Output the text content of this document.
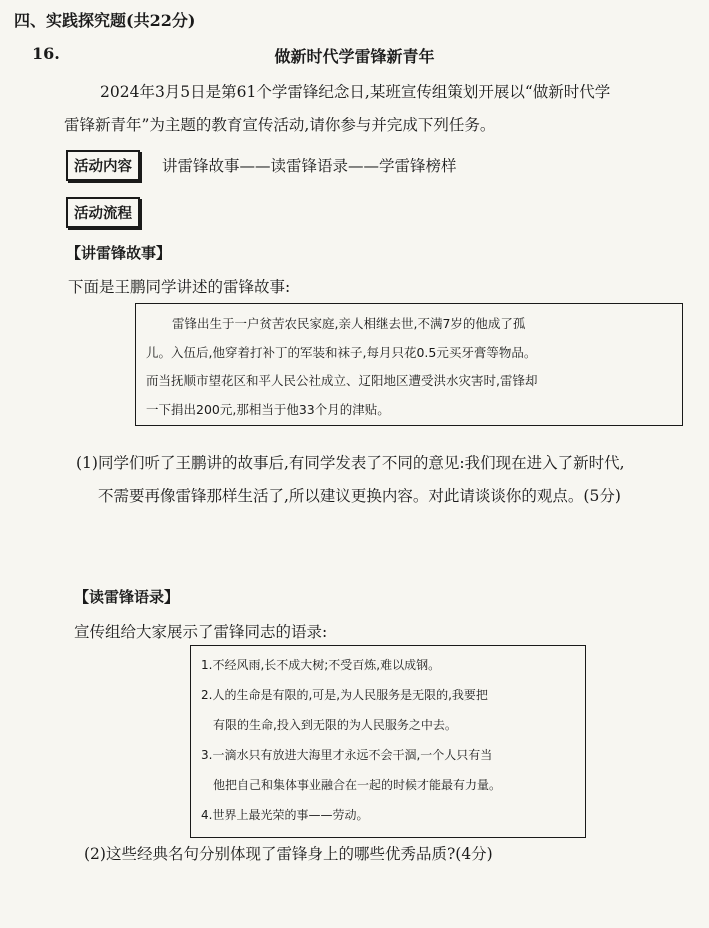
四、实践探究题(共22分)
16.	做新时代学雷锋新青年

2024年3月5日是第61个学雷锋纪念日,某班宣传组策划开展以“做新时代学

雷锋新青年”为主题的教育宣传活动,请你参与并完成下列任务。

活动内容	讲雷锋故事——读雷锋语录——学雷锋榜样
活动流程
【讲雷锋故事】
下面是王鹏同学讲述的雷锋故事:

雷锋出生于一户贫苦农民家庭,亲人相继去世,不满7岁的他成了孤

儿。入伍后,他穿着打补丁的军装和袜子,每月只花0.5元买牙膏等物品。

而当抚顺市望花区和平人民公社成立、辽阳地区遭受洪水灾害时,雷锋却

一下捐出200元,那相当于他33个月的津贴。

(1)同学们听了王鹏讲的故事后,有同学发表了不同的意见:我们现在进入了新时代,

不需要再像雷锋那样生活了,所以建议更换内容。对此请谈谈你的观点。(5分)

【读雷锋语录】
宣传组给大家展示了雷锋同志的语录:

1.不经风雨,长不成大树;不受百炼,难以成钢。

2.人的生命是有限的,可是,为人民服务是无限的,我要把

有限的生命,投入到无限的为人民服务之中去。

3.一滴水只有放进大海里才永远不会干涸,一个人只有当

他把自己和集体事业融合在一起的时候才能最有力量。

4.世界上最光荣的事——劳动。

(2)这些经典名句分别体现了雷锋身上的哪些优秀品质?(4分)
